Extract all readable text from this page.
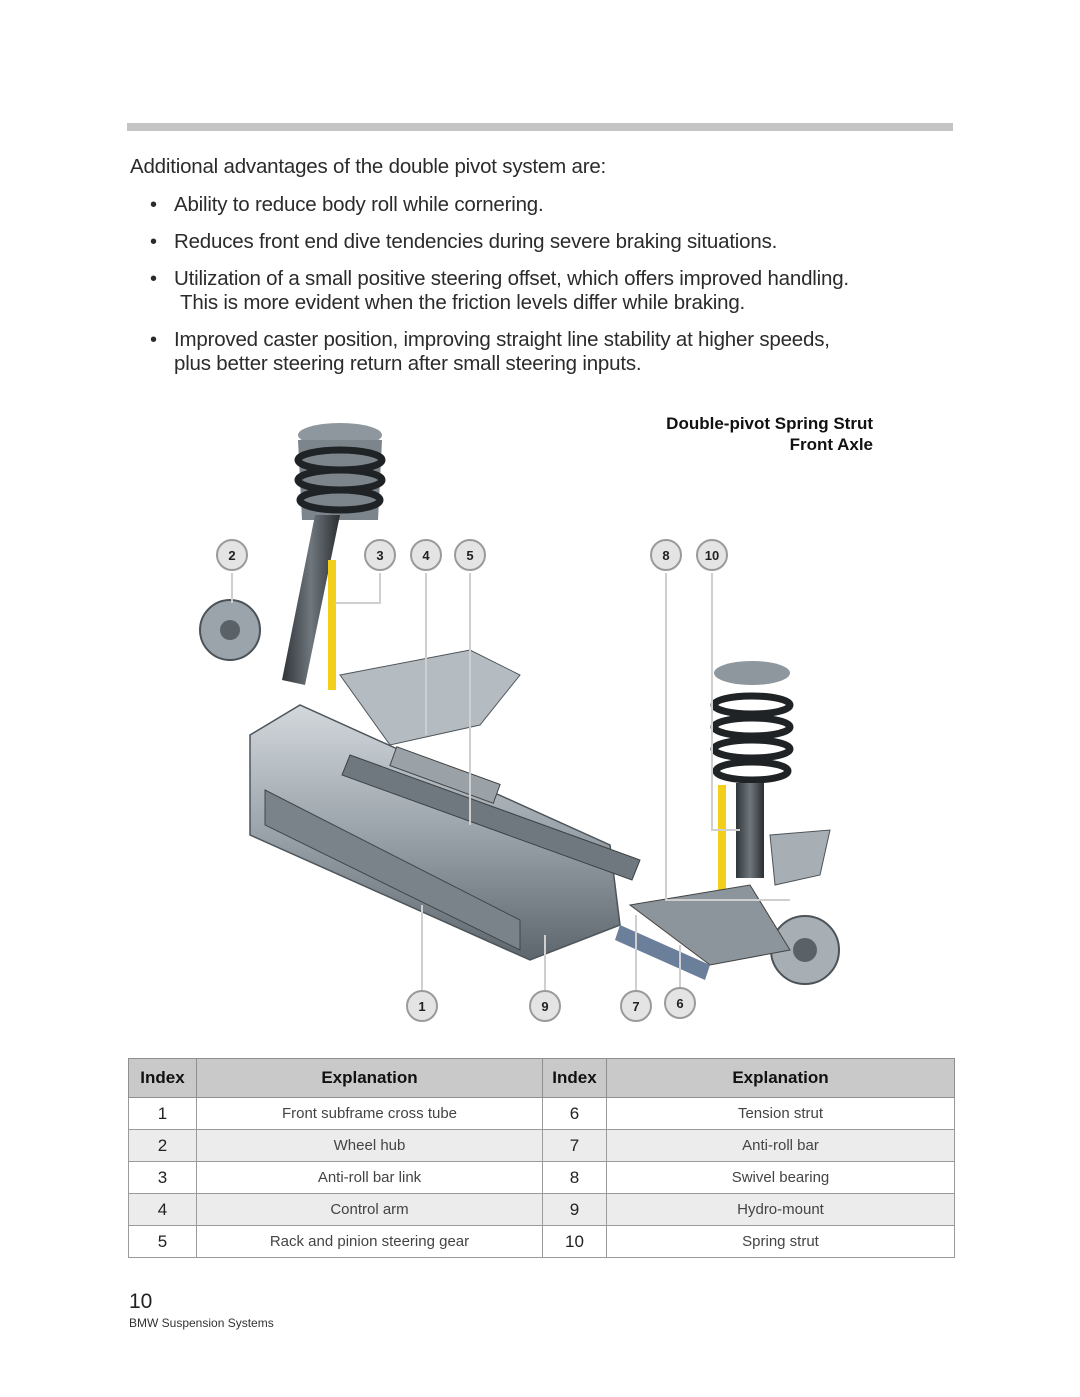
Additional advantages of the double pivot system are:
• Ability to reduce body roll while cornering.
• Reduces front end dive tendencies during severe braking situations.
• Utilization of a small positive steering offset, which offers improved handling.
This is more evident when the friction levels differ while braking.
• Improved caster position, improving straight line stability at higher speeds,
plus better steering return after small steering inputs.
Double-pivot Spring Strut
Front Axle
2	3	4	5	8	10
1	9	7	6
Index	Explanation	Index	Explanation
1	Front subframe cross tube	6	Tension strut
2	Wheel hub	7	Anti-roll bar
3	Anti-roll bar link	8	Swivel bearing
4	Control arm	9	Hydro-mount
5	Rack and pinion steering gear	10	Spring strut
10
BMW Suspension Systems
